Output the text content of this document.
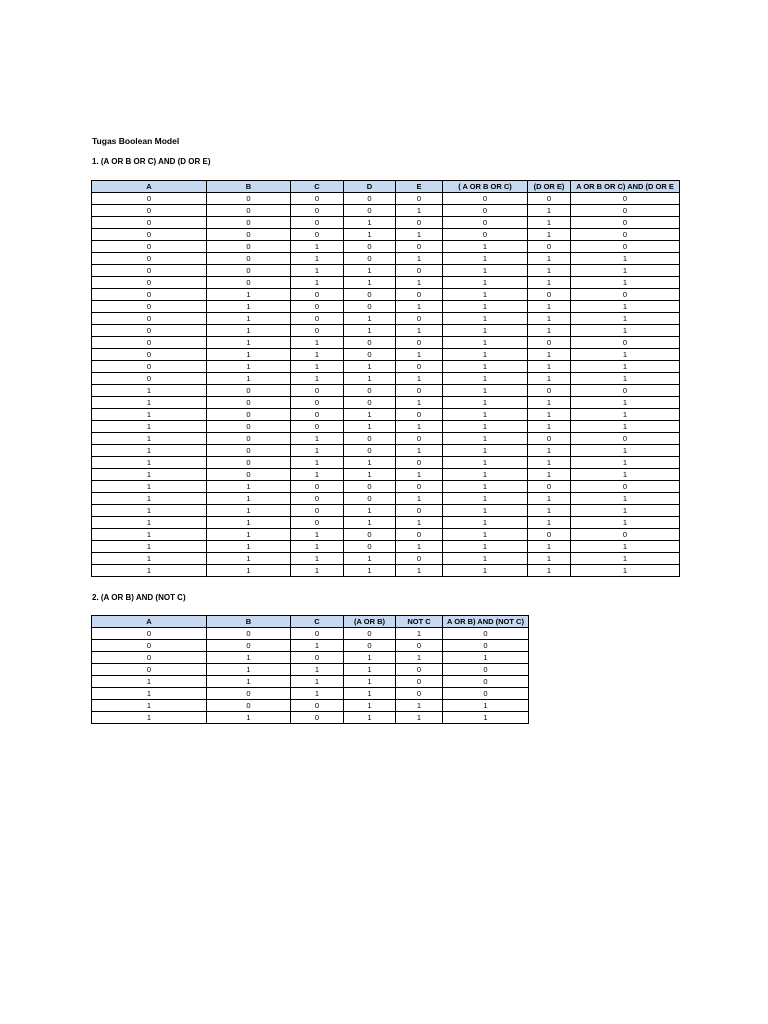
Tugas Boolean Model
1. (A OR B OR C) AND (D OR E)
A	B	C	D	E	( A OR B OR C)	(D OR E)	A OR B OR C) AND (D OR E
0	0	0	0	0	0	0	0
0	0	0	0	1	0	1	0
0	0	0	1	0	0	1	0
0	0	0	1	1	0	1	0
0	0	1	0	0	1	0	0
0	0	1	0	1	1	1	1
0	0	1	1	0	1	1	1
0	0	1	1	1	1	1	1
0	1	0	0	0	1	0	0
0	1	0	0	1	1	1	1
0	1	0	1	0	1	1	1
0	1	0	1	1	1	1	1
0	1	1	0	0	1	0	0
0	1	1	0	1	1	1	1
0	1	1	1	0	1	1	1
0	1	1	1	1	1	1	1
1	0	0	0	0	1	0	0
1	0	0	0	1	1	1	1
1	0	0	1	0	1	1	1
1	0	0	1	1	1	1	1
1	0	1	0	0	1	0	0
1	0	1	0	1	1	1	1
1	0	1	1	0	1	1	1
1	0	1	1	1	1	1	1
1	1	0	0	0	1	0	0
1	1	0	0	1	1	1	1
1	1	0	1	0	1	1	1
1	1	0	1	1	1	1	1
1	1	1	0	0	1	0	0
1	1	1	0	1	1	1	1
1	1	1	1	0	1	1	1
1	1	1	1	1	1	1	1
2. (A OR B) AND (NOT C)
A	B	C	(A OR B)	NOT C	A OR B) AND (NOT C)
0	0	0	0	1	0
0	0	1	0	0	0
0	1	0	1	1	1
0	1	1	1	0	0
1	1	1	1	0	0
1	0	1	1	0	0
1	0	0	1	1	1
1	1	0	1	1	1
